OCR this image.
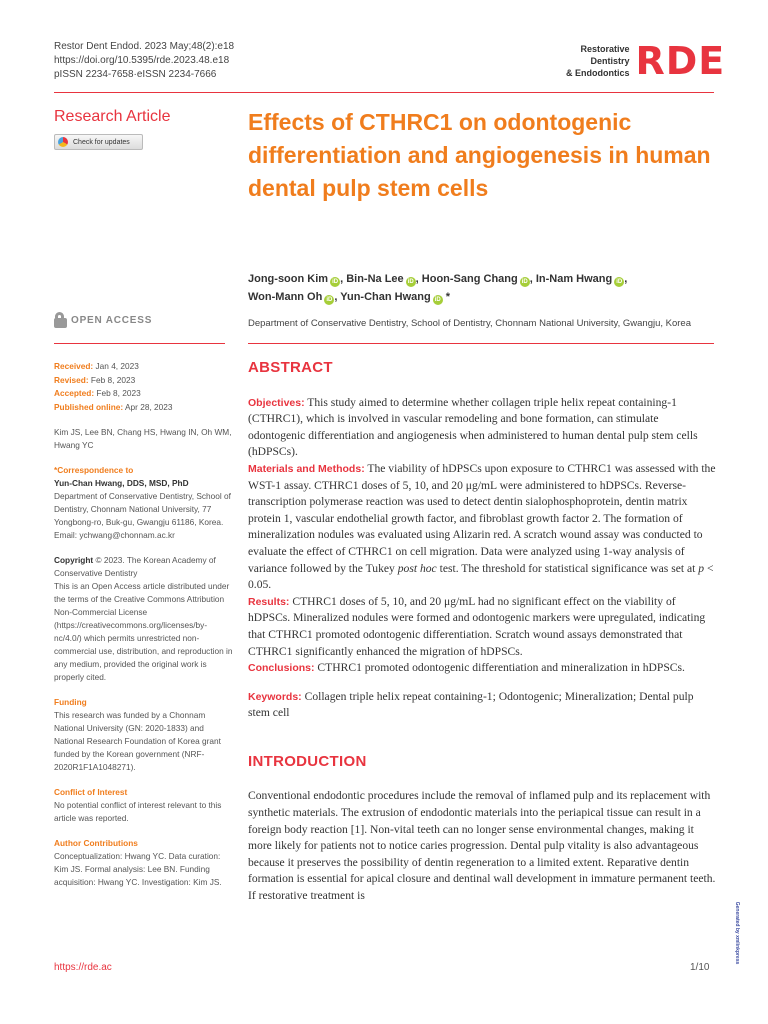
Restor Dent Endod. 2023 May;48(2):e18
https://doi.org/10.5395/rde.2023.48.e18
pISSN 2234-7658·eISSN 2234-7666
Restorative
Dentistry
& Endodontics RDE
Research Article
Check for updates
Effects of CTHRC1 on odontogenic differentiation and angiogenesis in human dental pulp stem cells
Jong-soon Kim iD , Bin-Na Lee iD , Hoon-Sang Chang iD , In-Nam Hwang iD ,
Won-Mann Oh iD , Yun-Chan Hwang iD *
OPEN ACCESS	Department of Conservative Dentistry, School of Dentistry, Chonnam National University, Gwangju, Korea
Received: Jan 4, 2023
Revised: Feb 8, 2023
Accepted: Feb 8, 2023
Published online: Apr 28, 2023
Kim JS, Lee BN, Chang HS, Hwang IN, Oh WM, Hwang YC
*Correspondence to
Yun-Chan Hwang, DDS, MSD, PhD
Department of Conservative Dentistry, School of Dentistry, Chonnam National University, 77 Yongbong-ro, Buk-gu, Gwangju 61186, Korea.
Email: ychwang@chonnam.ac.kr
Copyright © 2023. The Korean Academy of Conservative Dentistry
This is an Open Access article distributed under the terms of the Creative Commons Attribution Non-Commercial License (https://creativecommons.org/licenses/by-nc/4.0/) which permits unrestricted non-commercial use, distribution, and reproduction in any medium, provided the original work is properly cited.
Funding
This research was funded by a Chonnam National University (GN: 2020-1833) and National Research Foundation of Korea grant funded by the Korean government (NRF-2020R1F1A1048271).
Conflict of Interest
No potential conflict of interest relevant to this article was reported.
Author Contributions
Conceptualization: Hwang YC. Data curation: Kim JS. Formal analysis: Lee BN. Funding acquisition: Hwang YC. Investigation: Kim JS.
ABSTRACT

Objectives: This study aimed to determine whether collagen triple helix repeat containing-1 (CTHRC1), which is involved in vascular remodeling and bone formation, can stimulate odontogenic differentiation and angiogenesis when administered to human dental pulp stem cells (hDPSCs).

Materials and Methods: The viability of hDPSCs upon exposure to CTHRC1 was assessed with the WST-1 assay. CTHRC1 doses of 5, 10, and 20 μg/mL were administered to hDPSCs. Reverse-transcription polymerase reaction was used to detect dentin sialophosphoprotein, dentin matrix protein 1, vascular endothelial growth factor, and fibroblast growth factor 2. The formation of mineralization nodules was evaluated using Alizarin red. A scratch wound assay was conducted to evaluate the effect of CTHRC1 on cell migration. Data were analyzed using 1-way analysis of variance followed by the Tukey post hoc test. The threshold for statistical significance was set at p < 0.05.

Results: CTHRC1 doses of 5, 10, and 20 μg/mL had no significant effect on the viability of hDPSCs. Mineralized nodules were formed and odontogenic markers were upregulated, indicating that CTHRC1 promoted odontogenic differentiation. Scratch wound assays demonstrated that CTHRC1 significantly enhanced the migration of hDPSCs.

Conclusions: CTHRC1 promoted odontogenic differentiation and mineralization in hDPSCs.

Keywords: Collagen triple helix repeat containing-1; Odontogenic; Mineralization; Dental pulp stem cell

INTRODUCTION

Conventional endodontic procedures include the removal of inflamed pulp and its replacement with synthetic materials. The extrusion of endodontic materials into the periapical tissue can result in a foreign body reaction [1]. Non-vital teeth can no longer sense environmental changes, making it more likely for patients not to notice caries progression. Dental pulp vitality is also advantageous because it preserves the possibility of dentin regeneration to a limited extent. Reparative dentin formation is essential for apical closure and dentinal wall development in immature permanent teeth. If restorative treatment is

https://rde.ac	1/10
Generated by xmlinkpress
